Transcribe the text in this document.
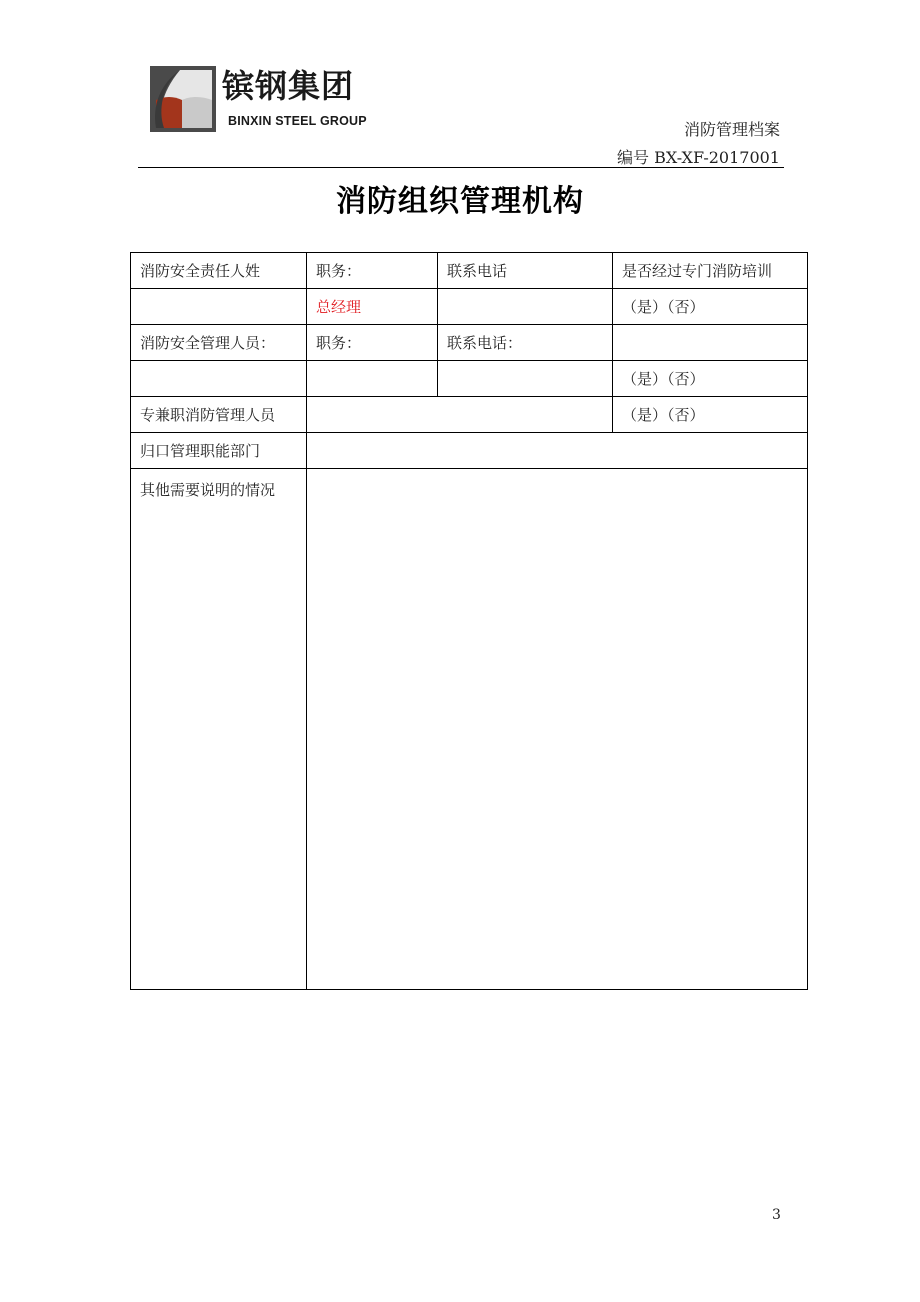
镔钢集团
BINXIN STEEL GROUP	消防管理档案
编号 BX-XF-2017001
消防组织管理机构
消防安全责任人姓	职务：	联系电话	是否经过专门消防培训
	总经理		（是）（否）
消防安全管理人员：	职务：	联系电话：	
			（是）（否）
专兼职消防管理人员			（是）（否）
归口管理职能部门			
其他需要说明的情况			
3
